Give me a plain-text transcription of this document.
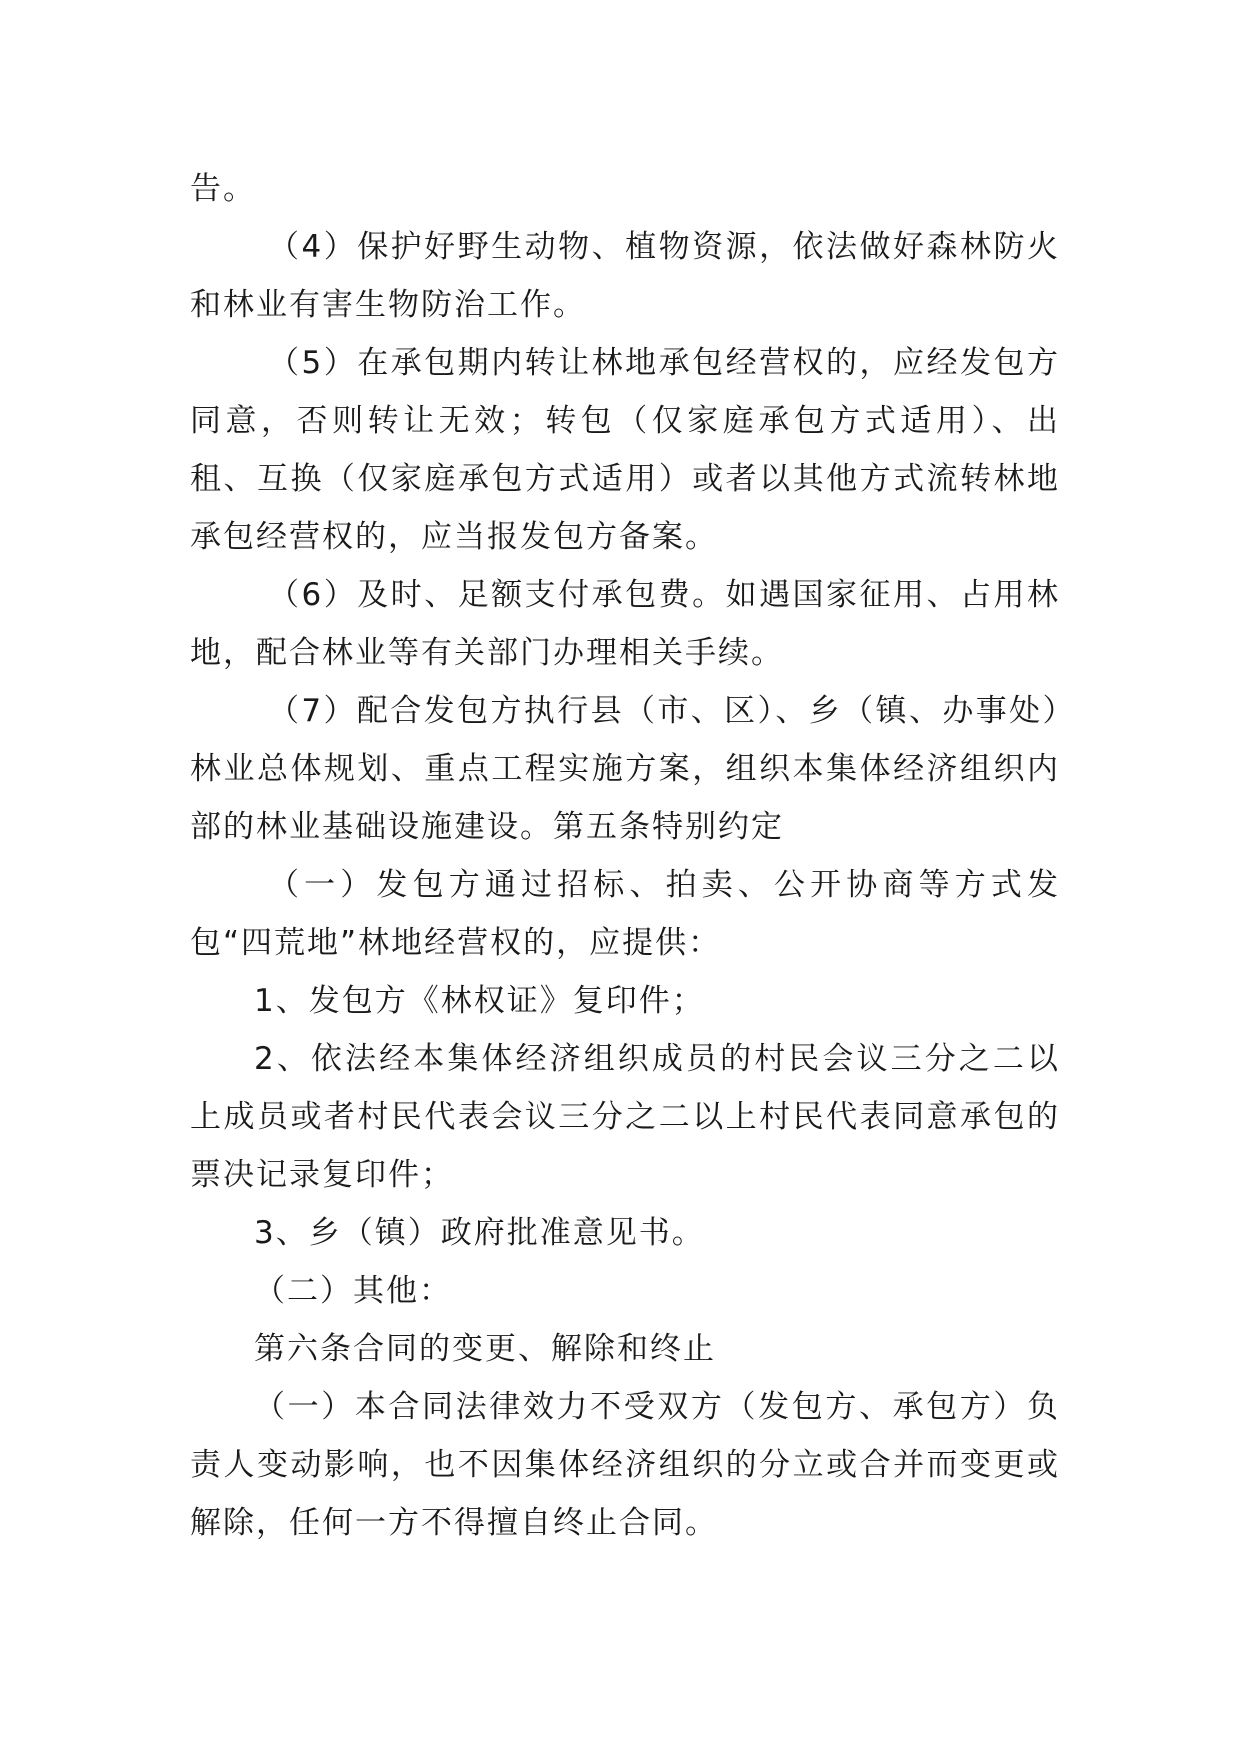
告。

（4）保护好野生动物、植物资源，依法做好森林防火和林业有害生物防治工作。

（5）在承包期内转让林地承包经营权的，应经发包方同意，否则转让无效；转包（仅家庭承包方式适用）、出租、互换（仅家庭承包方式适用）或者以其他方式流转林地承包经营权的，应当报发包方备案。

（6）及时、足额支付承包费。如遇国家征用、占用林地，配合林业等有关部门办理相关手续。

（7）配合发包方执行县（市、区）、乡（镇、办事处）林业总体规划、重点工程实施方案，组织本集体经济组织内部的林业基础设施建设。第五条特别约定

（一）发包方通过招标、拍卖、公开协商等方式发包“四荒地”林地经营权的，应提供：

1、发包方《林权证》复印件；

2、依法经本集体经济组织成员的村民会议三分之二以上成员或者村民代表会议三分之二以上村民代表同意承包的票决记录复印件；

3、乡（镇）政府批准意见书。

（二）其他：

第六条合同的变更、解除和终止

（一）本合同法律效力不受双方（发包方、承包方）负责人变动影响，也不因集体经济组织的分立或合并而变更或解除，任何一方不得擅自终止合同。
